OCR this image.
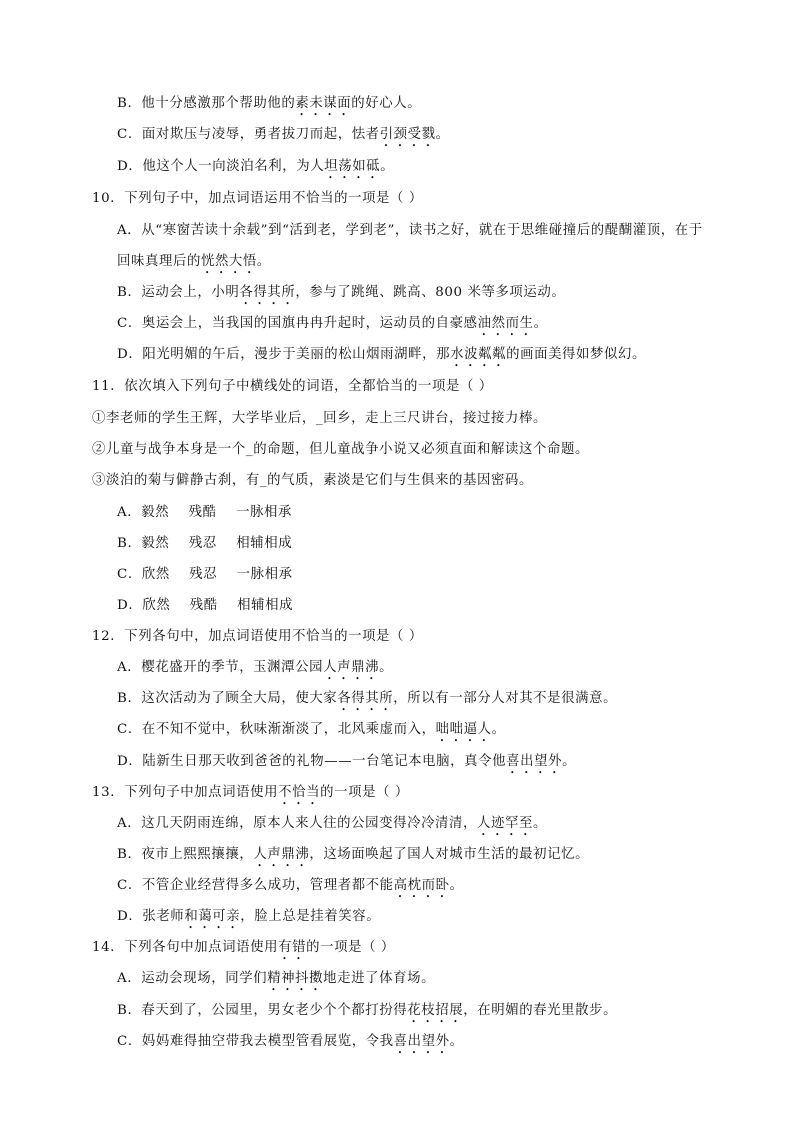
B．他十分感激那个帮助他的素未谋面的好心人。
C．面对欺压与凌辱，勇者拔刀而起，怯者引颈受戮。
D．他这个人一向淡泊名利，为人坦荡如砥。
10．下列句子中，加点词语运用不恰当的一项是（ ）
A．从“寒窗苦读十余载”到“活到老，学到老”，读书之好，就在于思维碰撞后的醍醐灌顶，在于
回味真理后的恍然大悟。
B．运动会上，小明各得其所，参与了跳绳、跳高、800 米等多项运动。
C．奥运会上，当我国的国旗冉冉升起时，运动员的自豪感油然而生。
D．阳光明媚的午后，漫步于美丽的松山烟雨湖畔，那水波粼粼的画面美得如梦似幻。
11．依次填入下列句子中横线处的词语，全都恰当的一项是（ ）
①李老师的学生王辉，大学毕业后，_回乡，走上三尺讲台，接过接力棒。
②儿童与战争本身是一个_的命题，但儿童战争小说又必须直面和解读这个命题。
③淡泊的菊与僻静古刹，有_的气质，素淡是它们与生俱来的基因密码。
A．毅然    残酷    一脉相承
B．毅然    残忍    相辅相成
C．欣然    残忍    一脉相承
D．欣然    残酷    相辅相成
12．下列各句中，加点词语使用不恰当的一项是（ ）
A．樱花盛开的季节，玉渊潭公园人声鼎沸。
B．这次活动为了顾全大局，使大家各得其所，所以有一部分人对其不是很满意。
C．在不知不觉中，秋味渐渐淡了，北风乘虚而入，咄咄逼人。
D．陆新生日那天收到爸爸的礼物——一台笔记本电脑，真令他喜出望外。
13．下列句子中加点词语使用不恰当的一项是（ ）
A．这几天阴雨连绵，原本人来人往的公园变得冷冷清清，人迹罕至。
B．夜市上熙熙攘攘，人声鼎沸，这场面唤起了国人对城市生活的最初记忆。
C．不管企业经营得多么成功，管理者都不能高枕而卧。
D．张老师和蔼可亲，脸上总是挂着笑容。
14．下列各句中加点词语使用有错的一项是（ ）
A．运动会现场，同学们精神抖擞地走进了体育场。
B．春天到了，公园里，男女老少个个都打扮得花枝招展，在明媚的春光里散步。
C．妈妈难得抽空带我去模型管看展览，令我喜出望外。
